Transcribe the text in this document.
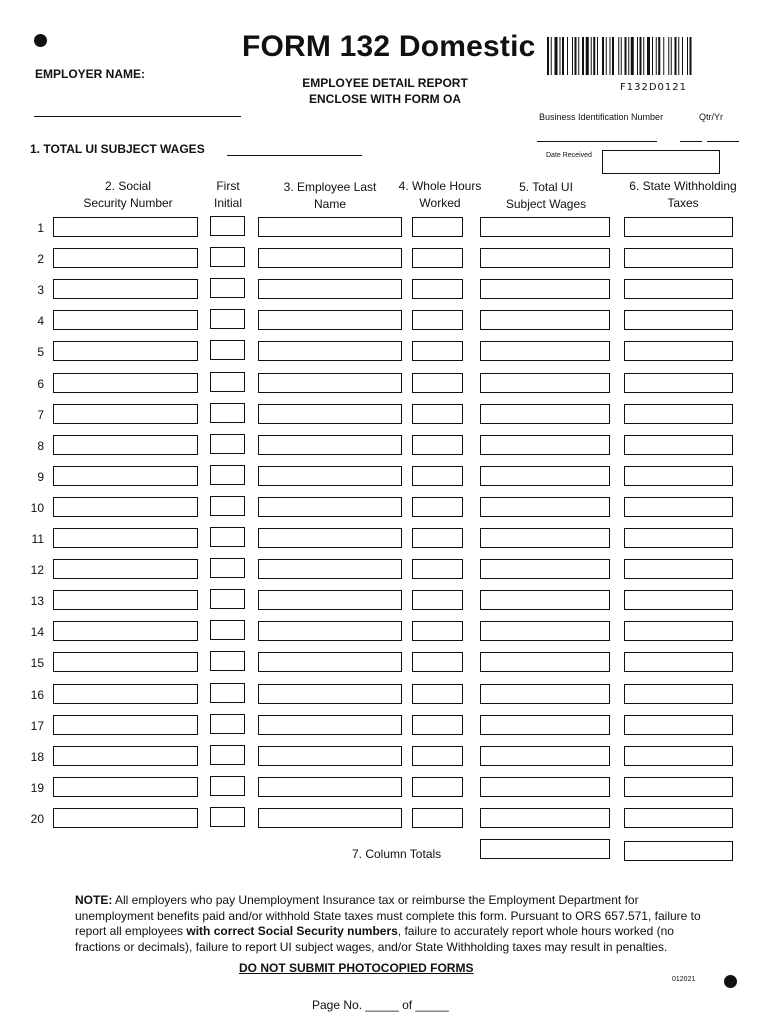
FORM 132 Domestic
F132D0121
EMPLOYER NAME:
EMPLOYEE DETAIL REPORT
ENCLOSE WITH FORM OA
Business Identification Number	Qtr/Yr
Date Received
1. TOTAL UI SUBJECT WAGES
2. Social
Security Number
First
Initial
3. Employee Last
Name
4. Whole Hours
Worked
5. Total UI
Subject Wages
6. State Withholding
Taxes
1
2
3
4
5
6
7
8
9
10
11
12
13
14
15
16
17
18
19
20
7. Column Totals
NOTE: All employers who pay Unemployment Insurance tax or reimburse the Employment Department for unemployment benefits paid and/or withhold State taxes must complete this form. Pursuant to ORS 657.571, failure to report all employees with correct Social Security numbers, failure to accurately report whole hours worked (no fractions or decimals), failure to report UI subject wages, and/or State Withholding taxes may result in penalties.
DO NOT SUBMIT PHOTOCOPIED FORMS
012021
Page No. _____ of _____
